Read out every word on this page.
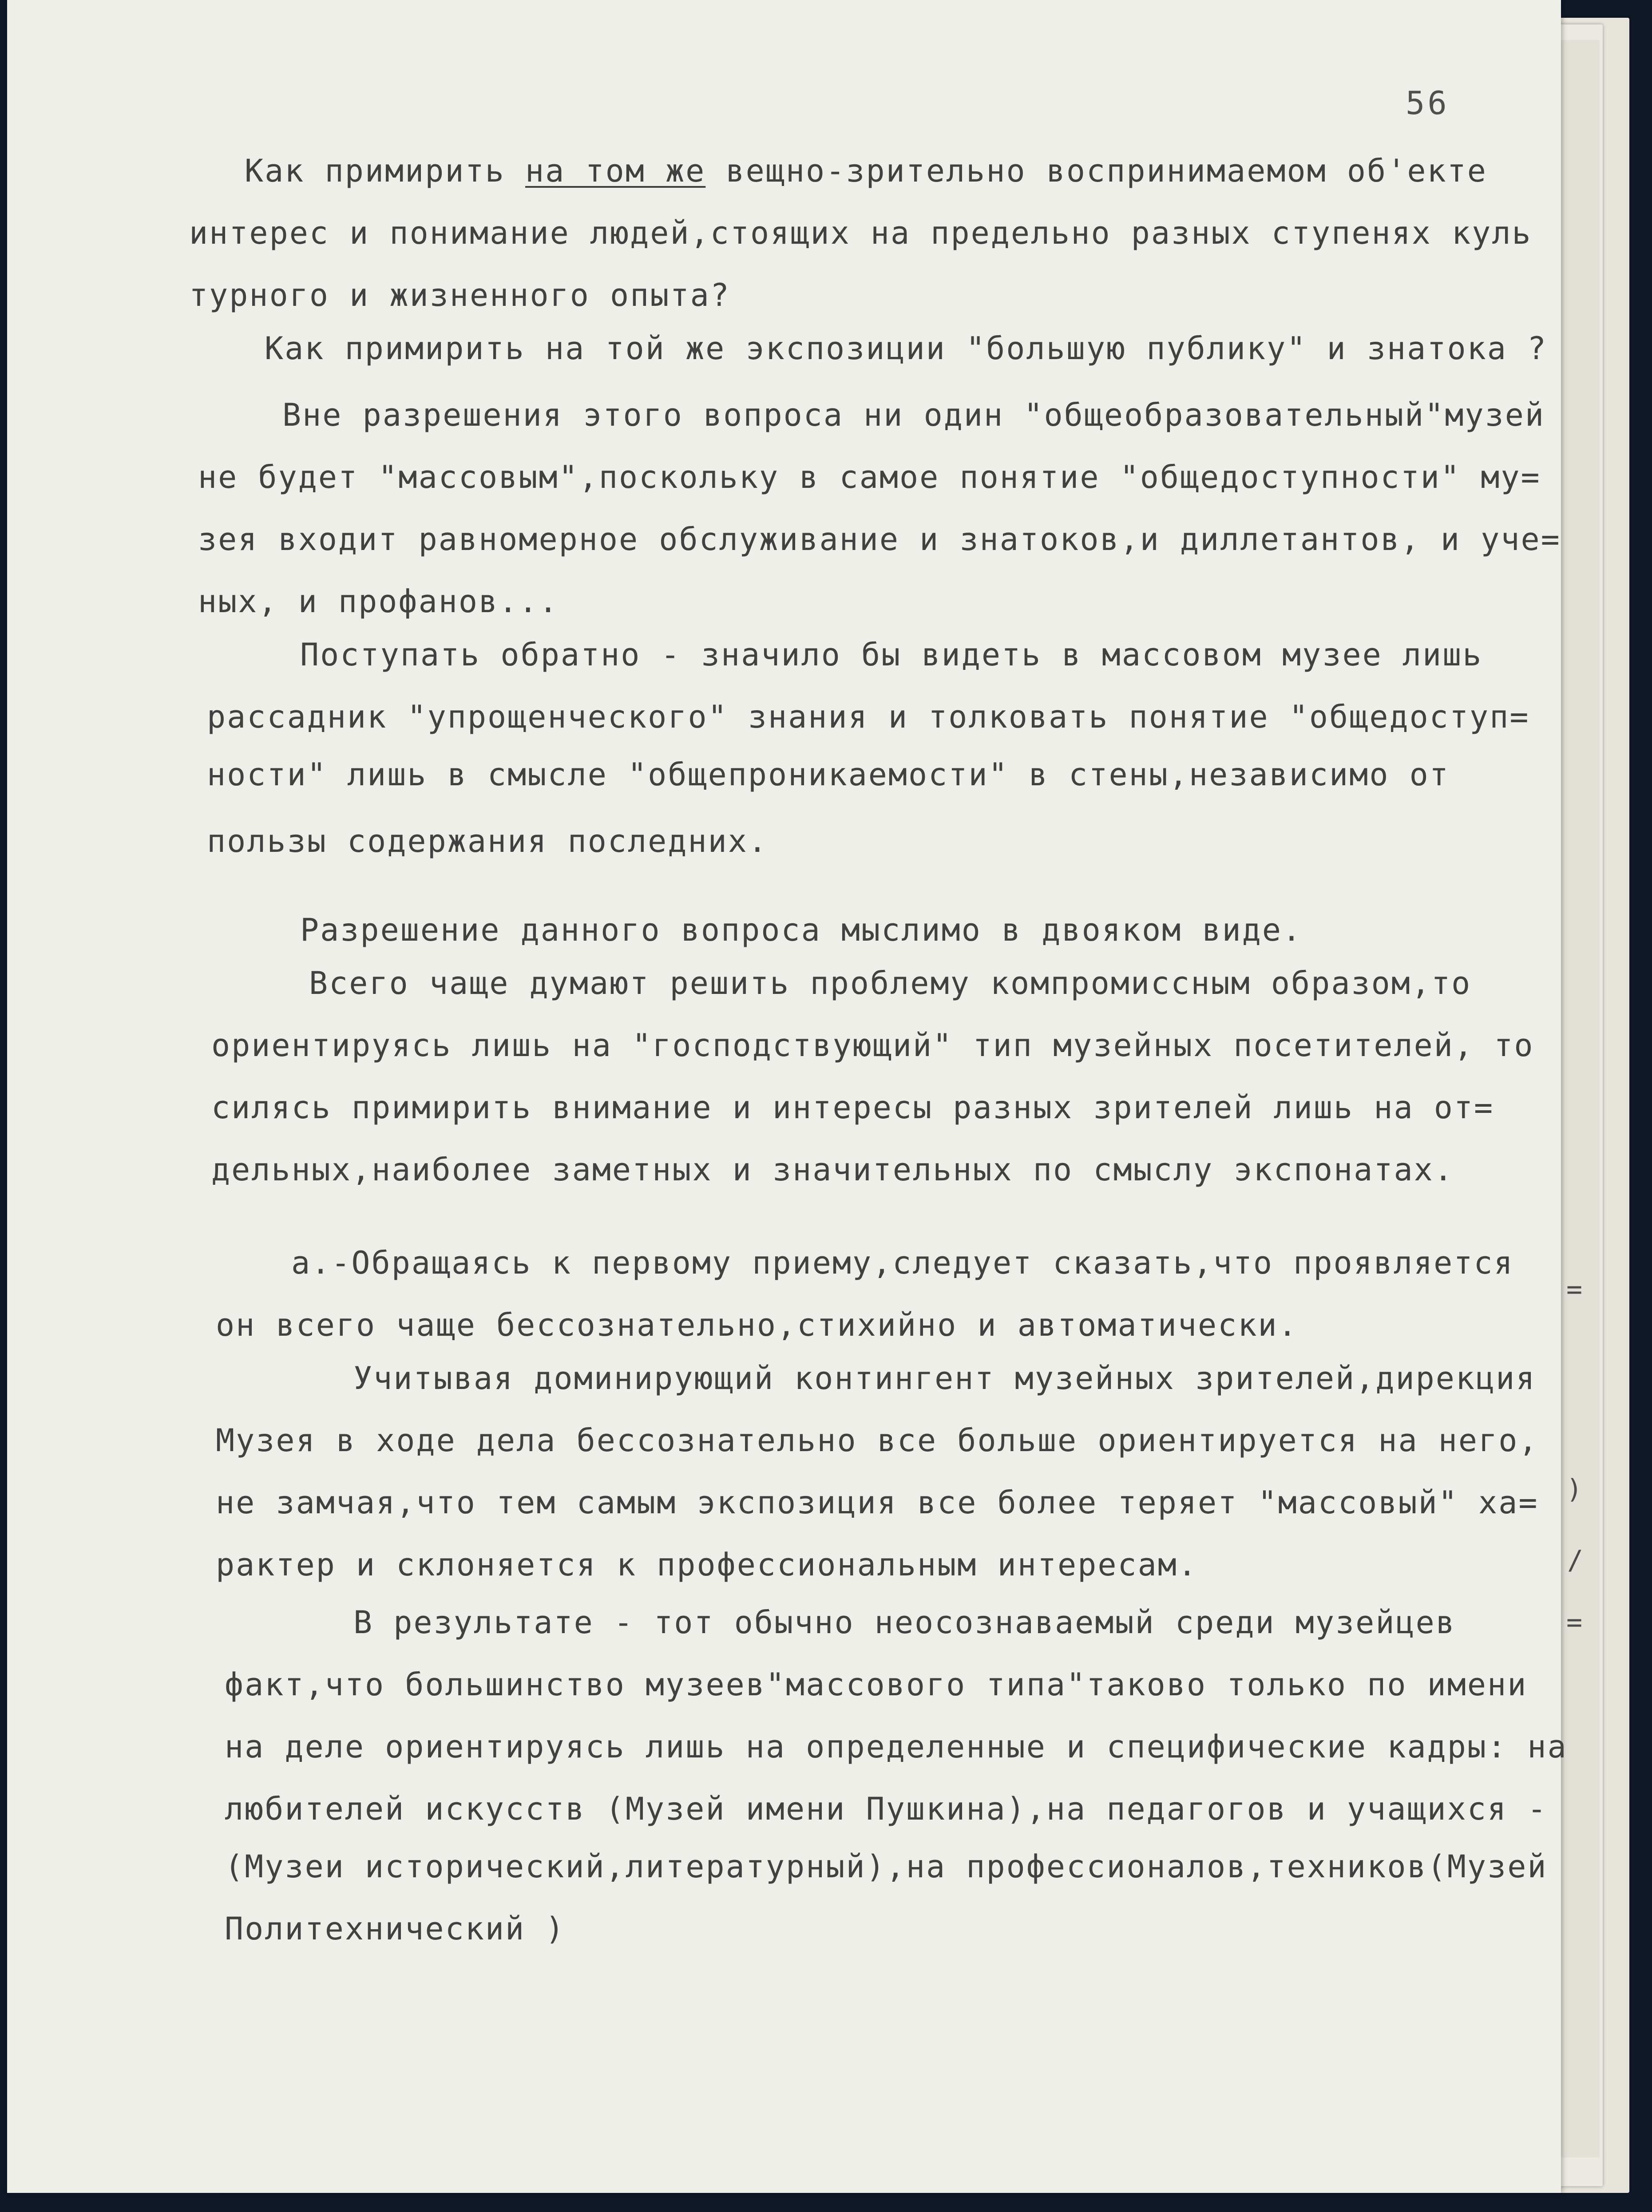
56
Как примирить на том же вещно-зрительно воспринимаемом об'екте
интерес и понимание людей,стоящих на предельно разных ступенях куль
турного и жизненного опыта?
Как примирить на той же экспозиции "большую публику" и знатока ?
Вне разрешения этого вопроса ни один "общеобразовательный"музей
не будет "массовым",поскольку в самое понятие "общедоступности" му=
зея входит равномерное обслуживание и знатоков,и диллетантов, и уче=
ных, и профанов...
Поступать обратно - значило бы видеть в массовом музее лишь
рассадник "упрощенческого" знания и толковать понятие "общедоступ=
ности" лишь в смысле "общепроникаемости" в стены,независимо от
пользы содержания последних.
Разрешение данного вопроса мыслимо в двояком виде.
Всего чаще думают решить проблему компромиссным образом,то
ориентируясь лишь на "господствующий" тип музейных посетителей, то
силясь примирить внимание и интересы разных зрителей лишь на от=
дельных,наиболее заметных и значительных по смыслу экспонатах.
а.-Обращаясь к первому приему,следует сказать,что проявляется
он всего чаще бессознательно,стихийно и автоматически.
Учитывая доминирующий контингент музейных зрителей,дирекция
Музея в ходе дела бессознательно все больше ориентируется на него,
не замчая,что тем самым экспозиция все более теряет "массовый" ха=
рактер и склоняется к профессиональным интересам.
В результате - тот обычно неосознаваемый среди музейцев
факт,что большинство музеев"массового типа"таково только по имени
на деле ориентируясь лишь на определенные и специфические кадры: на
любителей искусств (Музей имени Пушкина),на педагогов и учащихся -
(Музеи исторический,литературный),на профессионалов,техников(Музей
Политехнический )
=
)
/
=
